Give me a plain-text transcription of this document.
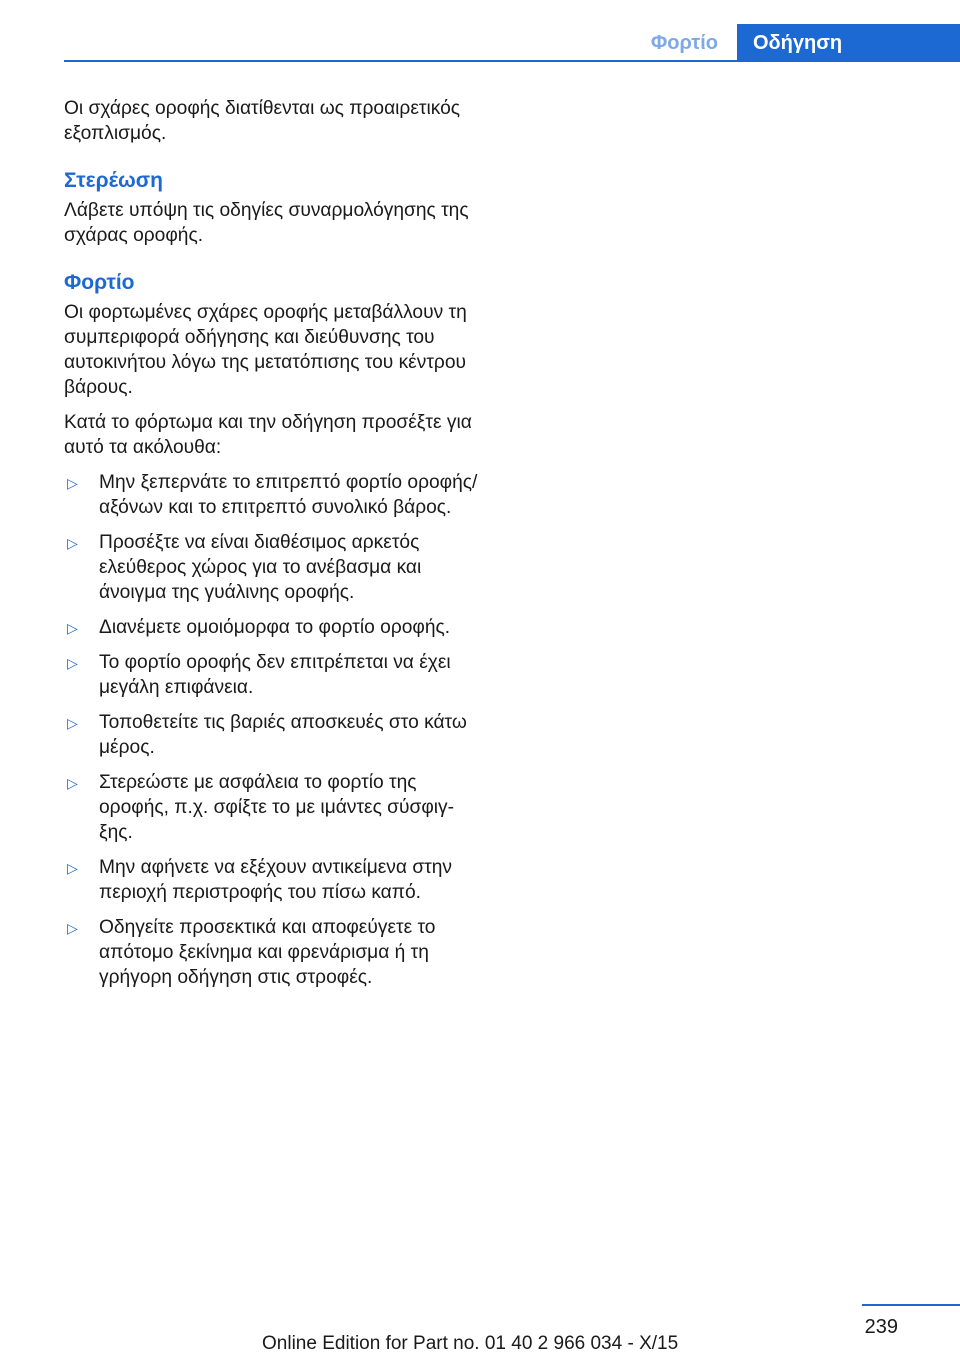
Φορτίο	Οδήγηση

Οι σχάρες οροφής διατίθενται ως προαιρετικός εξοπλισμός.

Στερέωση

Λάβετε υπόψη τις οδηγίες συναρμολόγησης της σχάρας οροφής.

Φορτίο

Οι φορτωμένες σχάρες οροφής μεταβάλλουν τη συμπεριφορά οδήγησης και διεύθυνσης του αυτοκινήτου λόγω της μετατόπισης του κέντρου βάρους.

Κατά το φόρτωμα και την οδήγηση προσέξτε για αυτό τα ακόλουθα:

▷ Μην ξεπερνάτε το επιτρεπτό φορτίο οροφής/αξόνων και το επιτρεπτό συνολικό βάρος.
▷ Προσέξτε να είναι διαθέσιμος αρκετός ελεύθερος χώρος για το ανέβασμα και άνοιγμα της γυάλινης οροφής.
▷ Διανέμετε ομοιόμορφα το φορτίο οροφής.
▷ Το φορτίο οροφής δεν επιτρέπεται να έχει μεγάλη επιφάνεια.
▷ Τοποθετείτε τις βαριές αποσκευές στο κάτω μέρος.
▷ Στερεώστε με ασφάλεια το φορτίο της οροφής, π.χ. σφίξτε το με ιμάντες σύσφιγξης.
▷ Μην αφήνετε να εξέχουν αντικείμενα στην περιοχή περιστροφής του πίσω καπό.
▷ Οδηγείτε προσεκτικά και αποφεύγετε το απότομο ξεκίνημα και φρενάρισμα ή τη γρήγορη οδήγηση στις στροφές.
239
Online Edition for Part no. 01 40 2 966 034 - X/15
